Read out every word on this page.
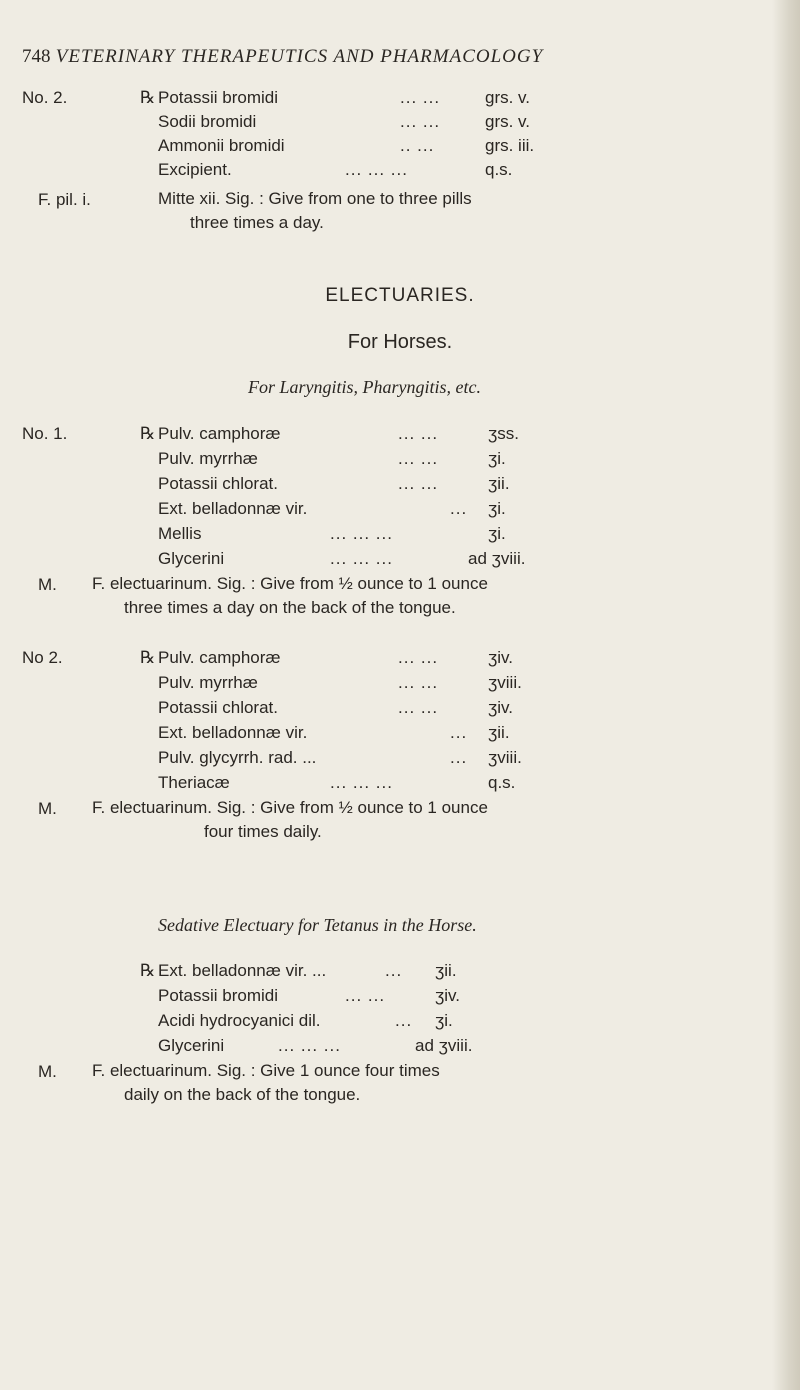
748 VETERINARY THERAPEUTICS AND PHARMACOLOGY
No. 2.	℞ Potassii bromidi	... ...	grs. v.
Sodii bromidi	... ...	grs. v.
Ammonii bromidi	.. ...	grs. iii.
Excipient.	... ... ...	q.s.
F. pil. i.	Mitte xii. Sig. : Give from one to three pills
three times a day.
ELECTUARIES.
For Horses.
For Laryngitis, Pharyngitis, etc.
No. 1.	℞ Pulv. camphoræ	... ...	ʒss.
Pulv. myrrhæ	... ...	ʒi.
Potassii chlorat.	... ...	ʒii.
Ext. belladonnæ vir.	... ʒi.
Mellis	... ... ...	ʒi.
Glycerini	... ... ...	ad ʒviii.
M. F. electuarinum. Sig. : Give from ½ ounce to 1 ounce
three times a day on the back of the tongue.
No 2.	℞ Pulv. camphoræ	... ...	ʒiv.
Pulv. myrrhæ	... ...	ʒviii.
Potassii chlorat.	... ...	ʒiv.
Ext. belladonnæ vir.	... ʒii.
Pulv. glycyrrh. rad. ...	... ʒviii.
Theriacæ	... ... ...	q.s.
M. F. electuarinum. Sig. : Give from ½ ounce to 1 ounce
four times daily.
Sedative Electuary for Tetanus in the Horse.
℞ Ext. belladonnæ vir. ...	... ʒii.
Potassii bromidi	... ...	ʒiv.
Acidi hydrocyanici dil.	... ʒi.
Glycerini	... ... ...	ad ʒviii.
M. F. electuarinum. Sig. : Give 1 ounce four times
daily on the back of the tongue.
